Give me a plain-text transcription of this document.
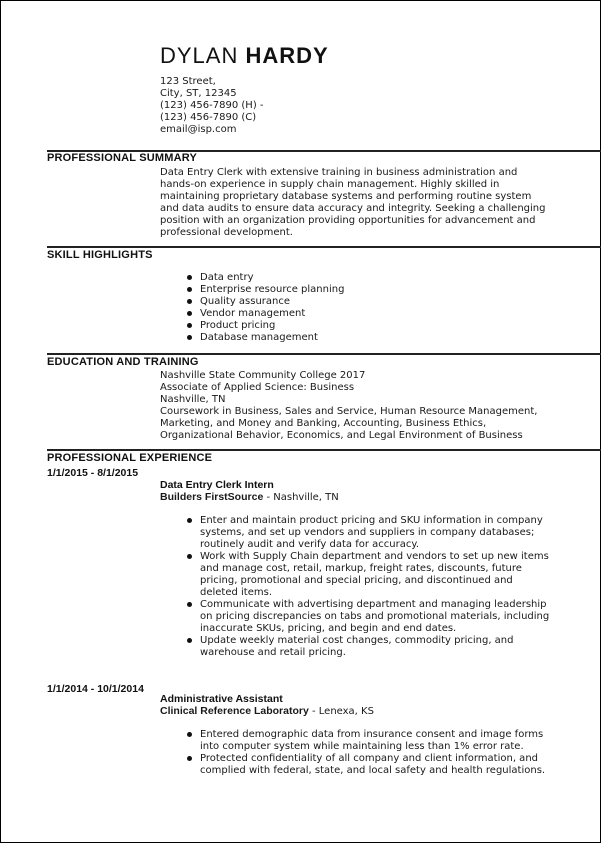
DYLAN HARDY
123 Street,
City, ST, 12345
(123) 456-7890 (H) -
(123) 456-7890 (C)
email@isp.com
PROFESSIONAL SUMMARY
Data Entry Clerk with extensive training in business administration and hands-on experience in supply chain management. Highly skilled in maintaining proprietary database systems and performing routine system and data audits to ensure data accuracy and integrity. Seeking a challenging position with an organization providing opportunities for advancement and professional development.
SKILL HIGHLIGHTS
Data entry
Enterprise resource planning
Quality assurance
Vendor management
Product pricing
Database management
EDUCATION AND TRAINING
Nashville State Community College 2017
Associate of Applied Science: Business
Nashville, TN
Coursework in Business, Sales and Service, Human Resource Management, Marketing, and Money and Banking, Accounting, Business Ethics, Organizational Behavior, Economics, and Legal Environment of Business
PROFESSIONAL EXPERIENCE
1/1/2015 - 8/1/2015
Data Entry Clerk Intern
Builders FirstSource - Nashville, TN
Enter and maintain product pricing and SKU information in company systems, and set up vendors and suppliers in company databases; routinely audit and verify data for accuracy.
Work with Supply Chain department and vendors to set up new items and manage cost, retail, markup, freight rates, discounts, future pricing, promotional and special pricing, and discontinued and deleted items.
Communicate with advertising department and managing leadership on pricing discrepancies on tabs and promotional materials, including inaccurate SKUs, pricing, and begin and end dates.
Update weekly material cost changes, commodity pricing, and warehouse and retail pricing.
1/1/2014 - 10/1/2014
Administrative Assistant
Clinical Reference Laboratory - Lenexa, KS
Entered demographic data from insurance consent and image forms into computer system while maintaining less than 1% error rate.
Protected confidentiality of all company and client information, and complied with federal, state, and local safety and health regulations.
